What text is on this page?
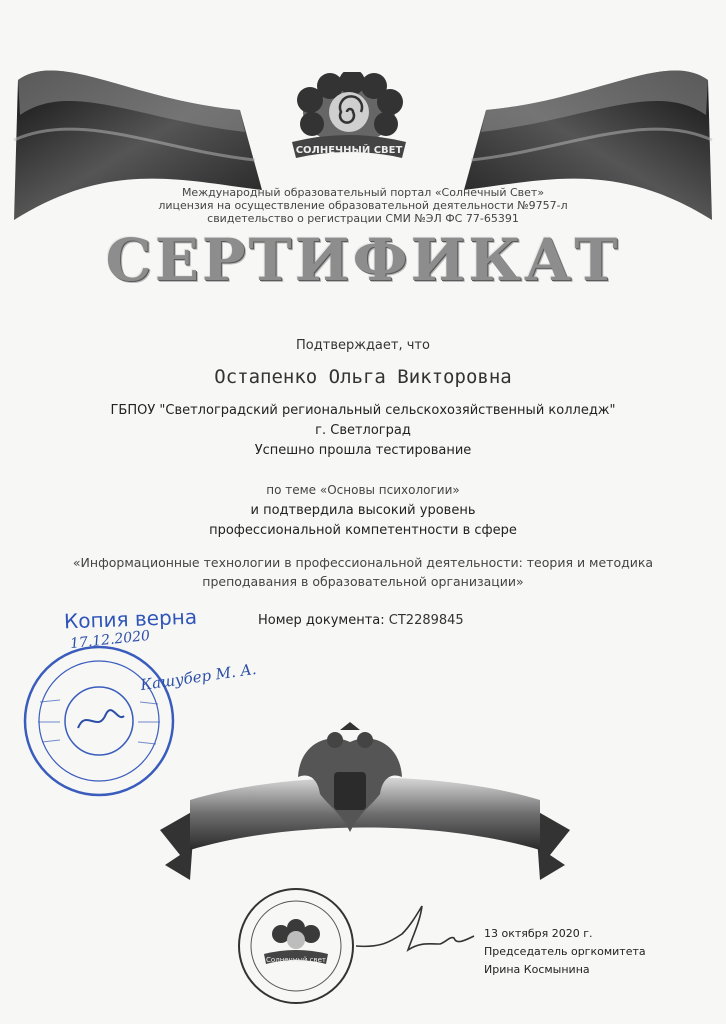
СОЛНЕЧНЫЙ СВЕТ
Международный образовательный портал «Солнечный Свет»
лицензия на осуществление образовательной деятельности №9757-л
свидетельство о регистрации СМИ №ЭЛ ФС 77-65391
СЕРТИФИКАТ
Подтверждает, что
Остапенко Ольга Викторовна
ГБПОУ "Светлоградский региональный сельскохозяйственный колледж"
г. Светлоград
Успешно прошла тестирование
по теме «Основы психологии»
и подтвердила высокий уровень
профессиональной компетентности в сфере
«Информационные технологии в профессиональной деятельности: теория и методика
преподавания в образовательной организации»
Номер документа: СТ2289845
Копия верна
17.12.2020
Кашубер М. А.
Солнечный свет
13 октября 2020 г.
Председатель оргкомитета
Ирина Космынина
